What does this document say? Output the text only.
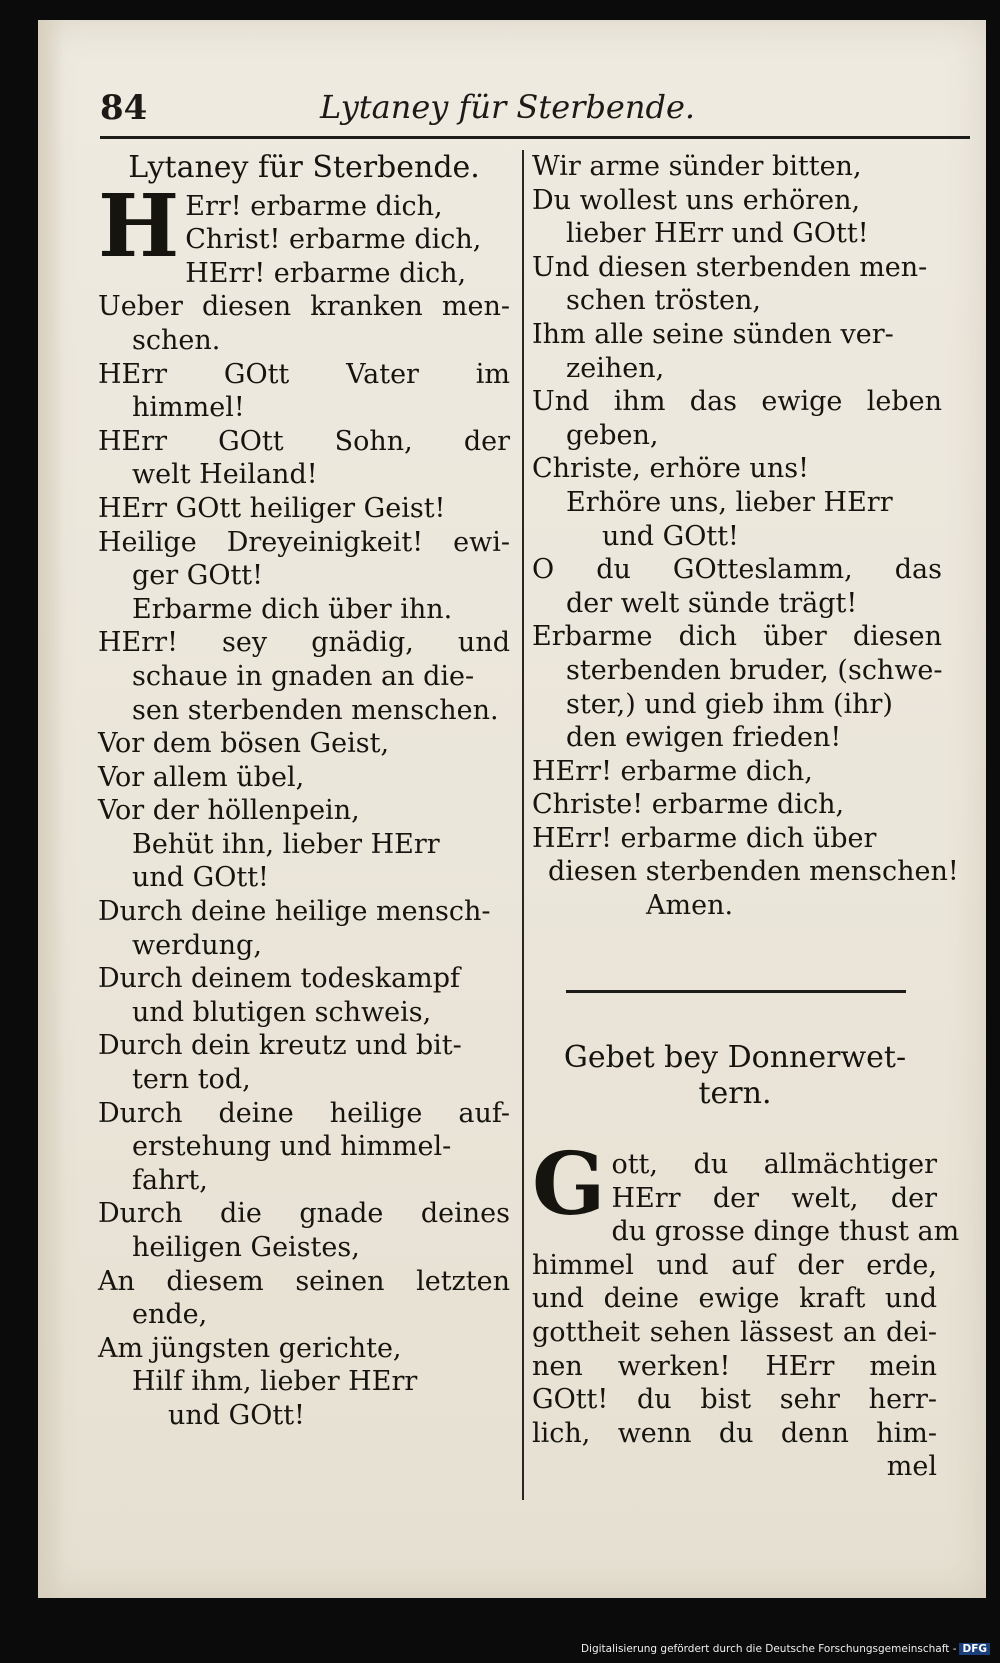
84	Lytaney für Sterbende.
Lytaney für Sterbende.
H Err! erbarme dich,
Christ! erbarme dich,
HErr! erbarme dich,
Ueber diesen kranken men-
schen.
HErr GOtt Vater im
himmel!
HErr GOtt Sohn, der
welt Heiland!
HErr GOtt heiliger Geist!
Heilige Dreyeinigkeit! ewi-
ger GOtt!
Erbarme dich über ihn.
HErr! sey gnädig, und
schaue in gnaden an die-
sen sterbenden menschen.
Vor dem bösen Geist,
Vor allem übel,
Vor der höllenpein,
Behüt ihn, lieber HErr
und GOtt!
Durch deine heilige mensch-
werdung,
Durch deinem todeskampf
und blutigen schweis,
Durch dein kreutz und bit-
tern tod,
Durch deine heilige auf-
erstehung und himmel-
fahrt,
Durch die gnade deines
heiligen Geistes,
An diesem seinen letzten
ende,
Am jüngsten gerichte,
Hilf ihm, lieber HErr
und GOtt!
Wir arme sünder bitten,
Du wollest uns erhören,
lieber HErr und GOtt!
Und diesen sterbenden men-
schen trösten,
Ihm alle seine sünden ver-
zeihen,
Und ihm das ewige leben
geben,
Christe, erhöre uns!
Erhöre uns, lieber HErr
und GOtt!
O du GOtteslamm, das
der welt sünde trägt!
Erbarme dich über diesen
sterbenden bruder, (schwe-
ster,) und gieb ihm (ihr)
den ewigen frieden!
HErr! erbarme dich,
Christe! erbarme dich,
HErr! erbarme dich über
diesen sterbenden menschen!
Amen.
Gebet bey Donnerwet-
tern.
G ott, du allmächtiger
HErr der welt, der
du grosse dinge thust am
himmel und auf der erde,
und deine ewige kraft und
gottheit sehen lässest an dei-
nen werken! HErr mein
GOtt! du bist sehr herr-
lich, wenn du denn him-
mel
Digitalisierung gefördert durch die Deutsche Forschungsgemeinschaft - DFG
